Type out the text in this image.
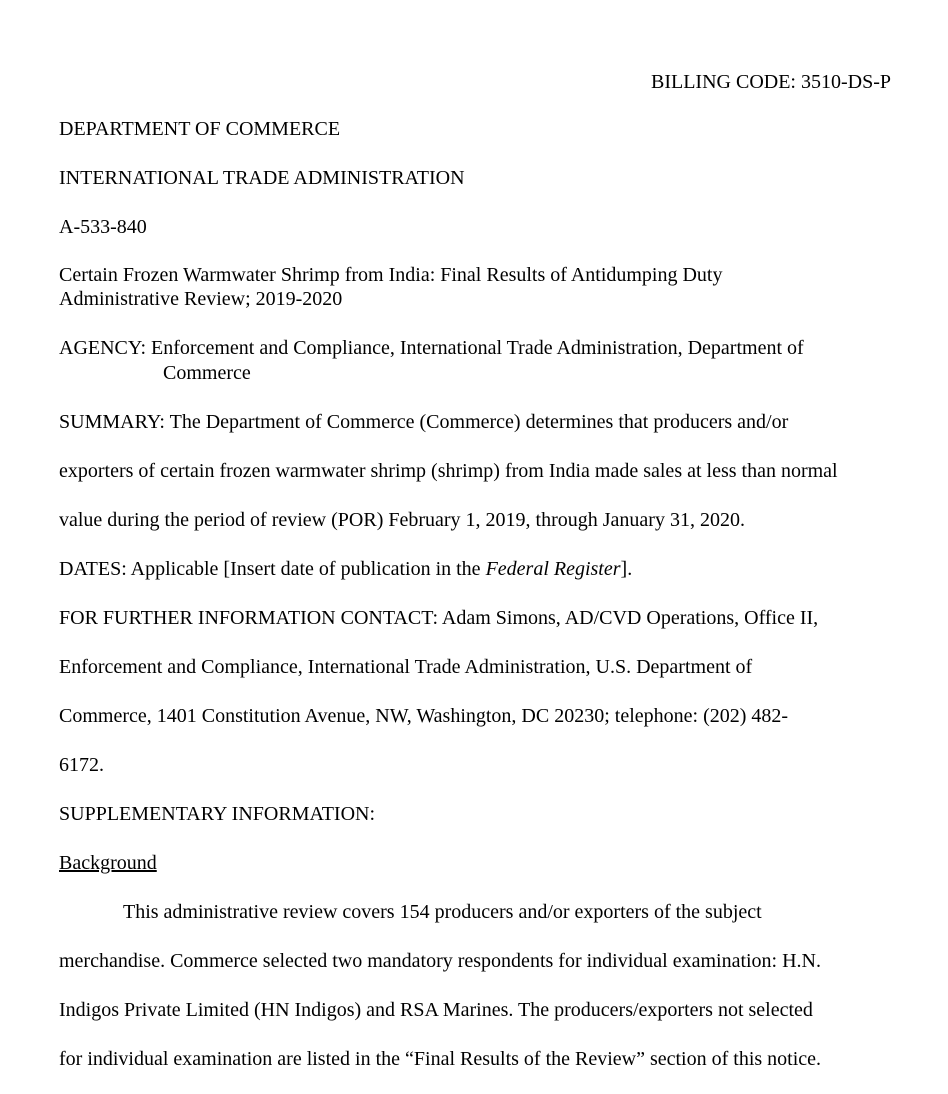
BILLING CODE: 3510-DS-P
DEPARTMENT OF COMMERCE
INTERNATIONAL TRADE ADMINISTRATION
A-533-840
Certain Frozen Warmwater Shrimp from India: Final Results of Antidumping Duty
Administrative Review; 2019-2020
AGENCY: Enforcement and Compliance, International Trade Administration, Department of
Commerce
SUMMARY: The Department of Commerce (Commerce) determines that producers and/or
exporters of certain frozen warmwater shrimp (shrimp) from India made sales at less than normal
value during the period of review (POR) February 1, 2019, through January 31, 2020.
DATES: Applicable [Insert date of publication in the Federal Register].
FOR FURTHER INFORMATION CONTACT: Adam Simons, AD/CVD Operations, Office II,
Enforcement and Compliance, International Trade Administration, U.S. Department of
Commerce, 1401 Constitution Avenue, NW, Washington, DC 20230; telephone: (202) 482-
6172.
SUPPLEMENTARY INFORMATION:
Background
This administrative review covers 154 producers and/or exporters of the subject
merchandise. Commerce selected two mandatory respondents for individual examination: H.N.
Indigos Private Limited (HN Indigos) and RSA Marines. The producers/exporters not selected
for individual examination are listed in the “Final Results of the Review” section of this notice.
